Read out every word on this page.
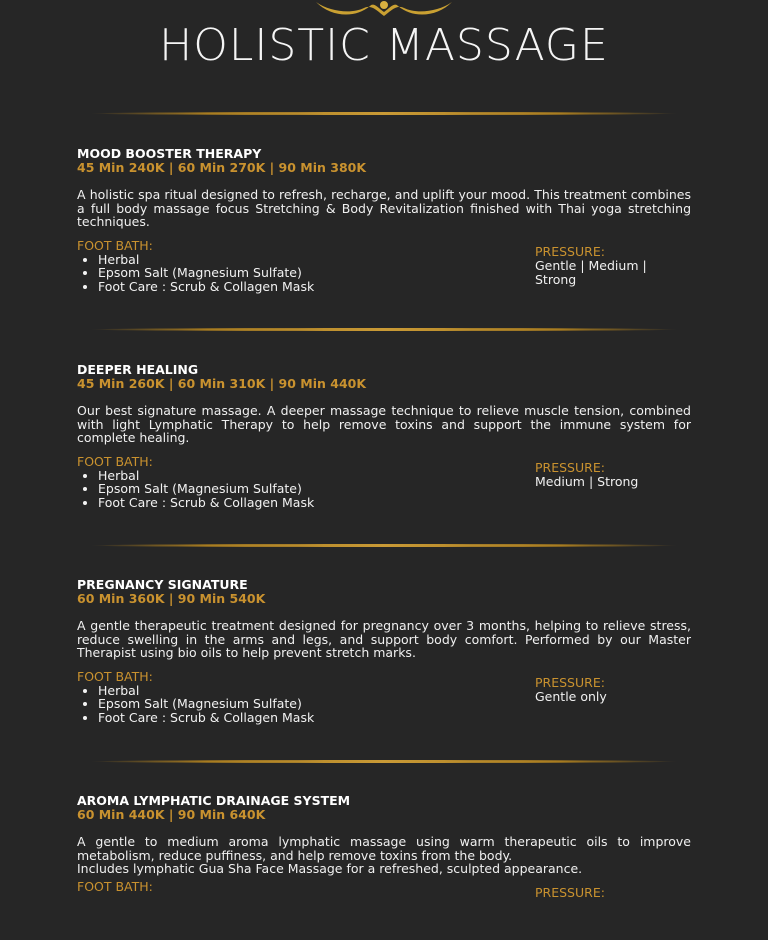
HOLISTIC MASSAGE
MOOD BOOSTER THERAPY
45 Min 240K | 60 Min 270K | 90 Min 380K
A holistic spa ritual designed to refresh, recharge, and uplift your mood. This treatment combines a full body massage focus Stretching & Body Revitalization finished with Thai yoga stretching techniques.
FOOT BATH:
• Herbal
• Epsom Salt (Magnesium Sulfate)
• Foot Care : Scrub & Collagen Mask
PRESSURE:
Gentle | Medium | Strong
DEEPER HEALING
45 Min 260K | 60 Min 310K | 90 Min 440K
Our best signature massage. A deeper massage technique to relieve muscle tension, combined with light Lymphatic Therapy to help remove toxins and support the immune system for complete healing.
FOOT BATH:
• Herbal
• Epsom Salt (Magnesium Sulfate)
• Foot Care : Scrub & Collagen Mask
PRESSURE:
Medium | Strong
PREGNANCY SIGNATURE
60 Min 360K | 90 Min 540K
A gentle therapeutic treatment designed for pregnancy over 3 months, helping to relieve stress, reduce swelling in the arms and legs, and support body comfort. Performed by our Master Therapist using bio oils to help prevent stretch marks.
FOOT BATH:
• Herbal
• Epsom Salt (Magnesium Sulfate)
• Foot Care : Scrub & Collagen Mask
PRESSURE:
Gentle only
AROMA LYMPHATIC DRAINAGE SYSTEM
60 Min 440K | 90 Min 640K
A gentle to medium aroma lymphatic massage using warm therapeutic oils to improve metabolism, reduce puffiness, and help remove toxins from the body.
Includes lymphatic Gua Sha Face Massage for a refreshed, sculpted appearance.
FOOT BATH:	PRESSURE:
